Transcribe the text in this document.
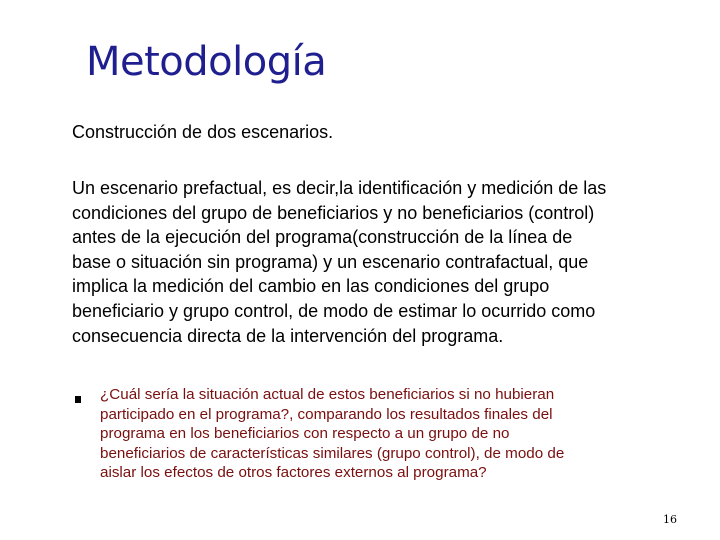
Metodología
Construcción de dos escenarios.
Un escenario prefactual, es decir,la identificación y medición de las
condiciones del grupo de beneficiarios y no beneficiarios (control)
antes de la ejecución del programa(construcción de la línea de
base o situación sin programa) y un escenario contrafactual, que
implica la medición del cambio en las condiciones del grupo
beneficiario y grupo control, de modo de estimar lo ocurrido como
consecuencia directa de la intervención del programa.
¿Cuál sería la situación actual de estos beneficiarios si no hubieran
participado en el programa?, comparando los resultados finales del
programa en los beneficiarios con respecto a un grupo de no
beneficiarios de características similares (grupo control), de modo de
aislar los efectos de otros factores externos al programa?
16
